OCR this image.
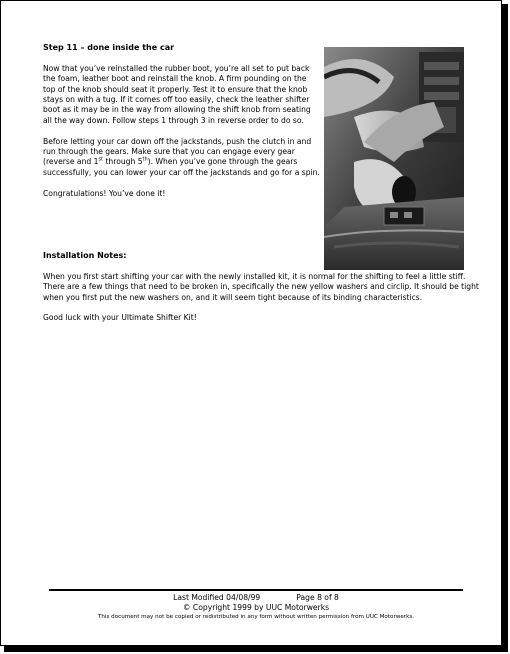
Step 11 – done inside the car

Now that you’ve reinstalled the rubber boot, you’re all set to put back the foam, leather boot and reinstall the knob. A firm pounding on the top of the knob should seat it properly. Test it to ensure that the knob stays on with a tug. If it comes off too easily, check the leather shifter boot as it may be in the way from allowing the shift knob from seating all the way down. Follow steps 1 through 3 in reverse order to do so.

Before letting your car down off the jackstands, push the clutch in and run through the gears. Make sure that you can engage every gear (reverse and 1st through 5th). When you’ve gone through the gears successfully, you can lower your car off the jackstands and go for a spin.

Congratulations! You’ve done it!

Installation Notes:

When you first start shifting your car with the newly installed kit, it is normal for the shifting to feel a little stiff. There are a few things that need to be broken in, specifically the new yellow washers and circlip. It should be tight when you first put the new washers on, and it will seem tight because of its binding characteristics.

Good luck with your Ultimate Shifter Kit!

Last Modified 04/08/99	Page 8 of 8
© Copyright 1999 by UUC Motorwerks
This document may not be copied or redistributed in any form without written permission from UUC Motorwerks.
